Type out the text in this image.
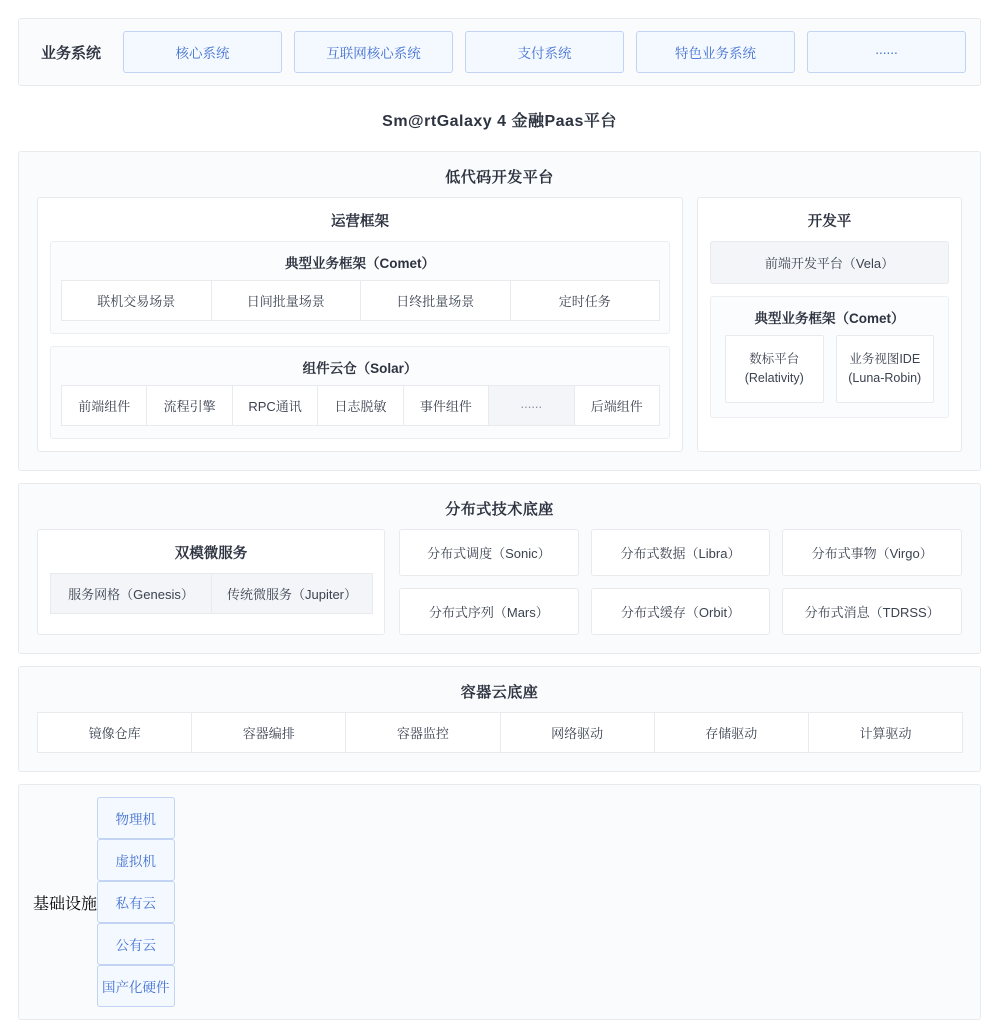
业务系统	核心系统	互联网核心系统	支付系统	特色业务系统	......
Sm@rtGalaxy 4 金融Paas平台
低代码开发平台
运营框架
典型业务框架（Comet）
联机交易场景	日间批量场景	日终批量场景	定时任务
组件云仓（Solar）
前端组件	流程引擎	RPC通讯	日志脱敏	事件组件	......	后端组件
开发平
前端开发平台（Vela）
典型业务框架（Comet）
数标平台
(Relativity)
业务视图IDE
(Luna-Robin)
分布式技术底座
双模微服务
服务网格（Genesis）	传统微服务（Jupiter）
分布式调度（Sonic）	分布式数据（Libra）	分布式事物（Virgo）
分布式序列（Mars）	分布式缓存（Orbit）	分布式消息（TDRSS）
容器云底座
镜像仓库	容器编排	容器监控	网络驱动	存储驱动	计算驱动
基础设施
物理机
虚拟机
私有云
公有云
国产化硬件
